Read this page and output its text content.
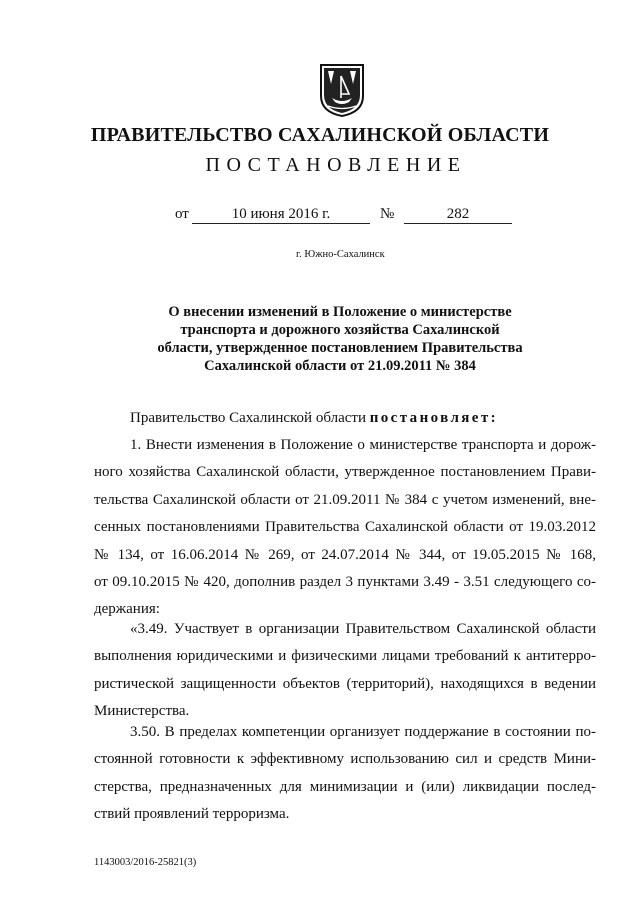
ПРАВИТЕЛЬСТВО САХАЛИНСКОЙ ОБЛАСТИ
ПОСТАНОВЛЕНИЕ
от	10 июня 2016 г.	№	282
г. Южно-Сахалинск
О внесении изменений в Положение о министерстве
транспорта и дорожного хозяйства Сахалинской
области, утвержденное постановлением Правительства
Сахалинской области от 21.09.2011 № 384
Правительство Сахалинской области постановляет:
1. Внести изменения в Положение о министерстве транспорта и дорож-
ного хозяйства Сахалинской области, утвержденное постановлением Прави-
тельства Сахалинской области от 21.09.2011 № 384 с учетом изменений, вне-
сенных постановлениями Правительства Сахалинской области от 19.03.2012
№ 134, от 16.06.2014 № 269, от 24.07.2014 № 344, от 19.05.2015 № 168,
от 09.10.2015 № 420, дополнив раздел 3 пунктами 3.49 - 3.51 следующего со-
держания:
«3.49. Участвует в организации Правительством Сахалинской области
выполнения юридическими и физическими лицами требований к антитерро-
ристической защищенности объектов (территорий), находящихся в ведении
Министерства.
3.50. В пределах компетенции организует поддержание в состоянии по-
стоянной готовности к эффективному использованию сил и средств Мини-
стерства, предназначенных для минимизации и (или) ликвидации послед-
ствий проявлений терроризма.
1143003/2016-25821(3)
